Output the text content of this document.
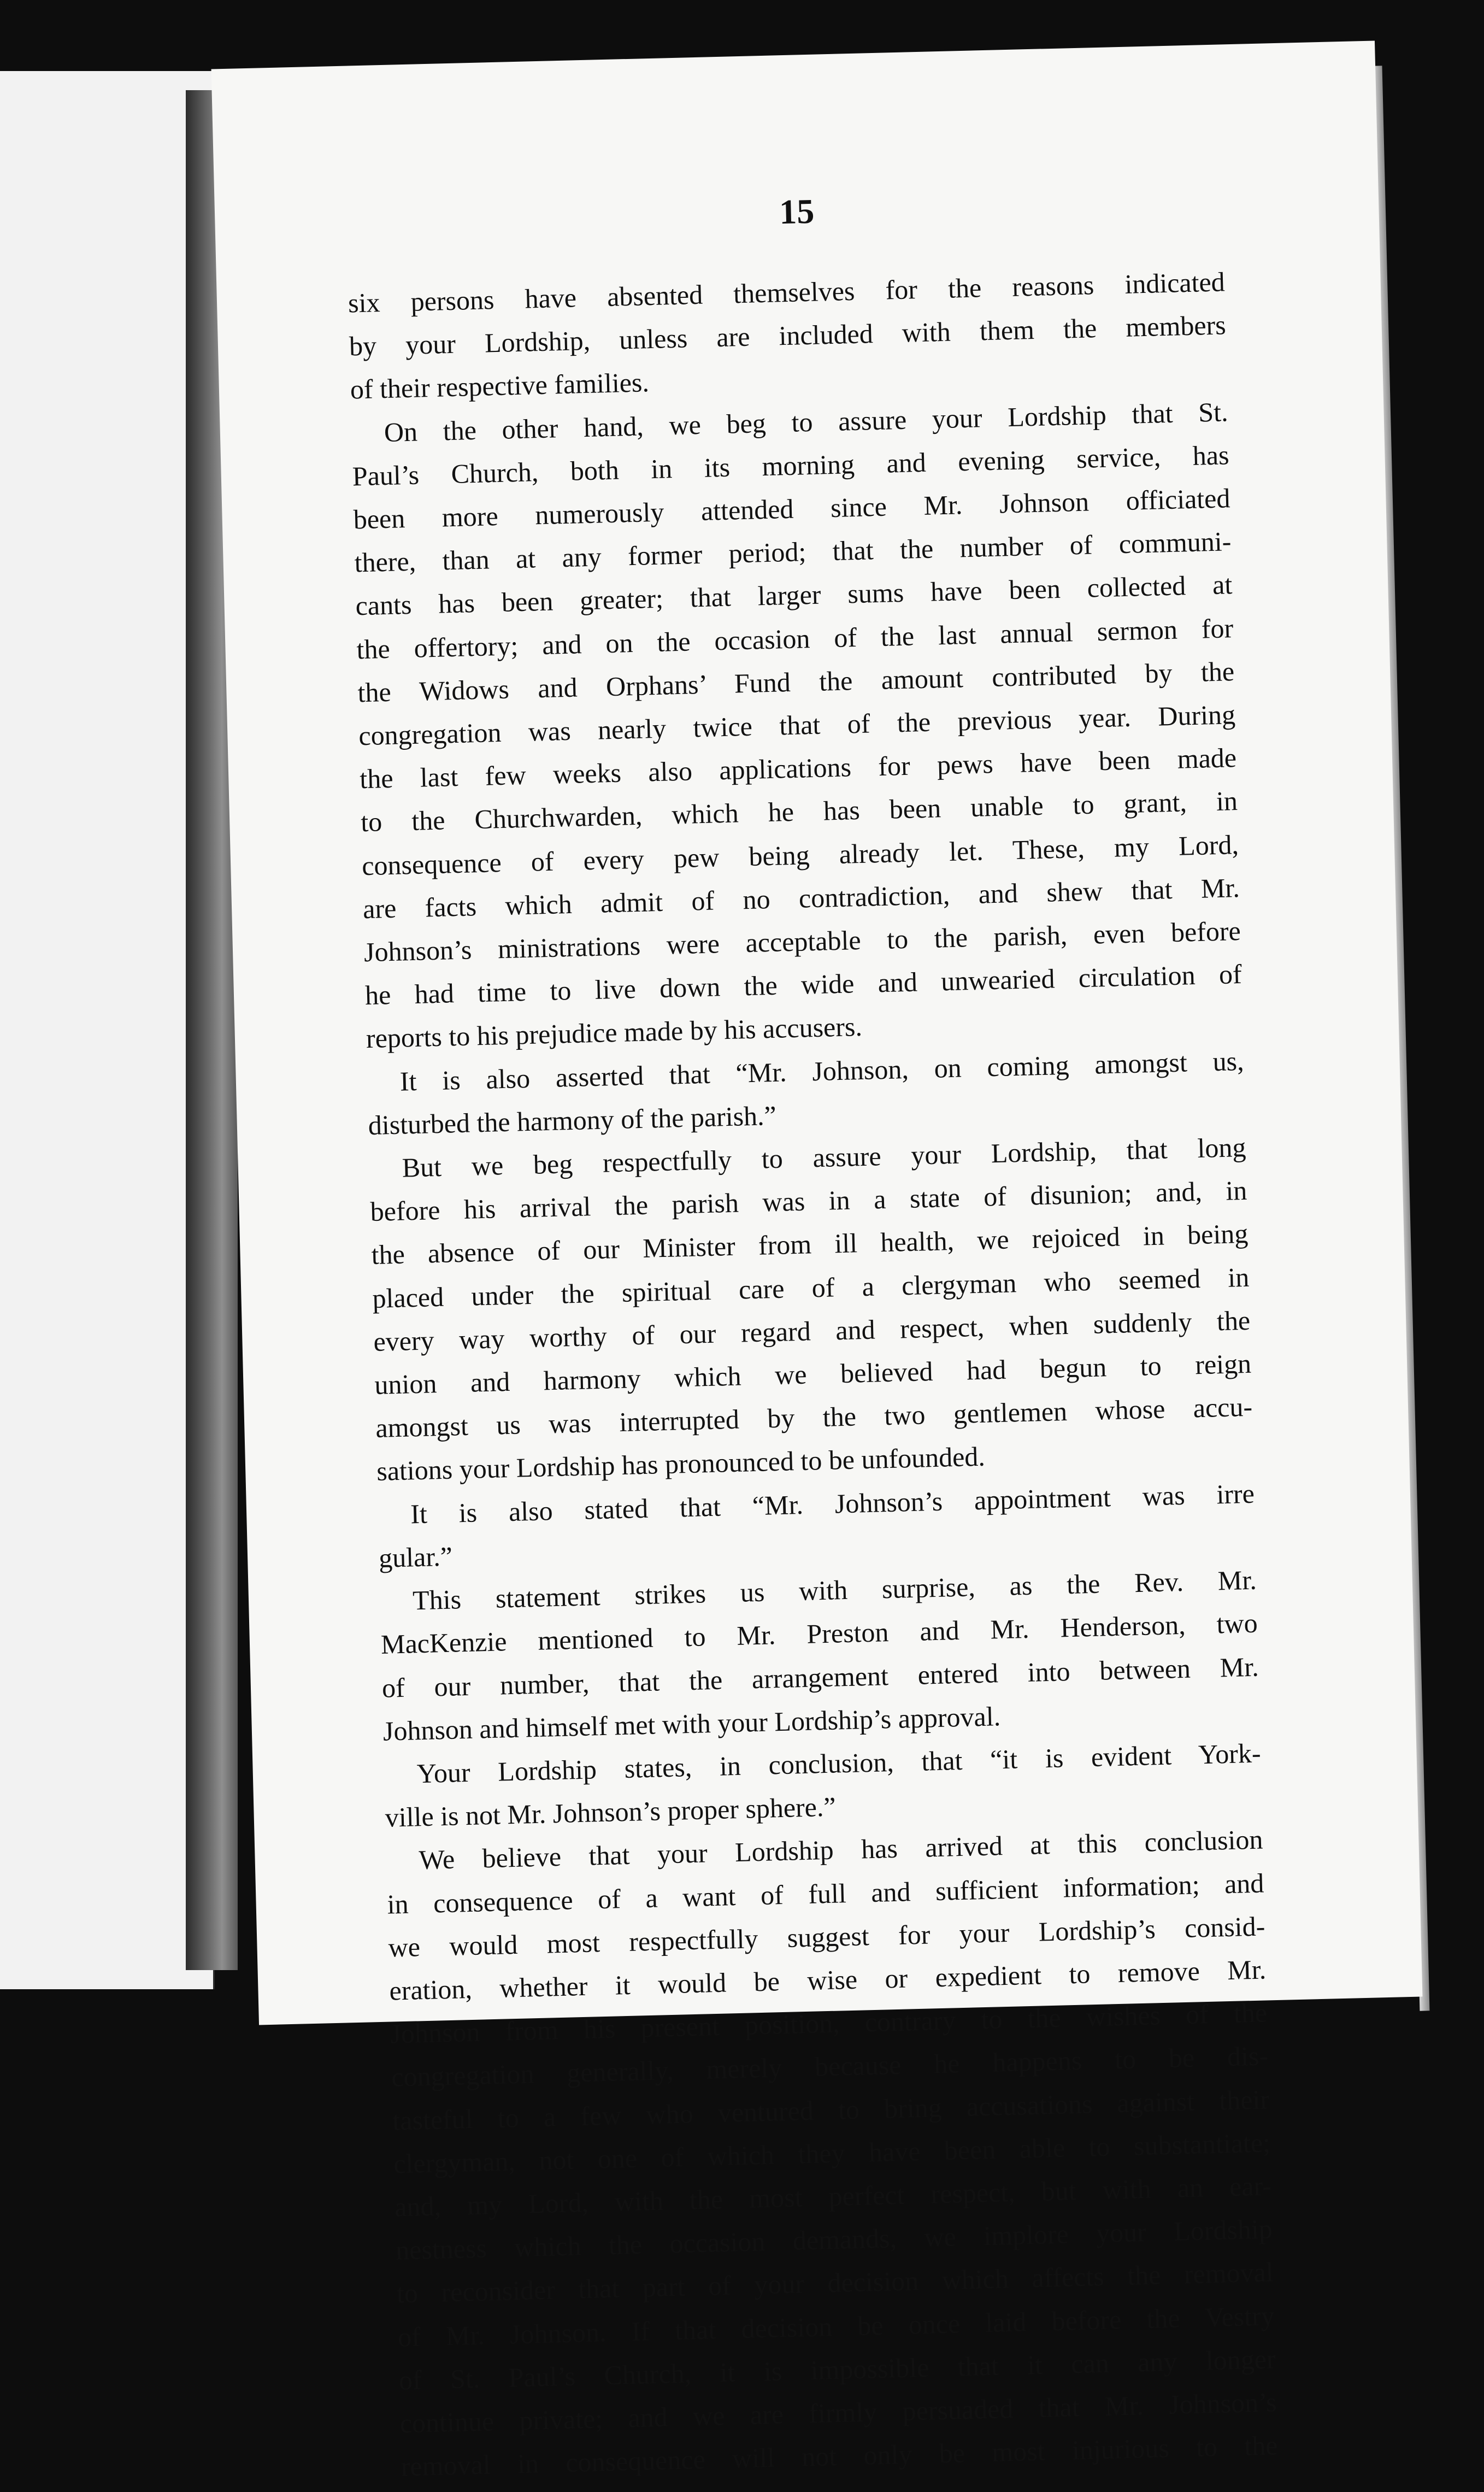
15
six persons have absented themselves for the reasons indicated
by your Lordship, unless are included with them the members
of their respective families.
On the other hand, we beg to assure your Lordship that St.
Paul’s Church, both in its morning and evening service, has
been more numerously attended since Mr. Johnson officiated
there, than at any former period; that the number of communi-
cants has been greater; that larger sums have been collected at
the offertory; and on the occasion of the last annual sermon for
the Widows and Orphans’ Fund the amount contributed by the
congregation was nearly twice that of the previous year. During
the last few weeks also applications for pews have been made
to the Churchwarden, which he has been unable to grant, in
consequence of every pew being already let. These, my Lord,
are facts which admit of no contradiction, and shew that Mr.
Johnson’s ministrations were acceptable to the parish, even before
he had time to live down the wide and unwearied circulation of
reports to his prejudice made by his accusers.
It is also asserted that “Mr. Johnson, on coming amongst us,
disturbed the harmony of the parish.”
But we beg respectfully to assure your Lordship, that long
before his arrival the parish was in a state of disunion; and, in
the absence of our Minister from ill health, we rejoiced in being
placed under the spiritual care of a clergyman who seemed in
every way worthy of our regard and respect, when suddenly the
union and harmony which we believed had begun to reign
amongst us was interrupted by the two gentlemen whose accu-
sations your Lordship has pronounced to be unfounded.
It is also stated that “Mr. Johnson’s appointment was irre
gular.”
This statement strikes us with surprise, as the Rev. Mr.
MacKenzie mentioned to Mr. Preston and Mr. Henderson, two
of our number, that the arrangement entered into between Mr.
Johnson and himself met with your Lordship’s approval.
Your Lordship states, in conclusion, that “it is evident York-
ville is not Mr. Johnson’s proper sphere.”
We believe that your Lordship has arrived at this conclusion
in consequence of a want of full and sufficient information; and
we would most respectfully suggest for your Lordship’s consid-
eration, whether it would be wise or expedient to remove Mr.
Johnson from his present position, contrary to the wishes of the
congregation generally, merely because he happens to be dis-
tasteful to a few who ventured to bring accusations against their
clergyman, not one of which they have been able to substantiate;
and, my Lord, with the most perfect respect, but with an ear-
nestness which the occasion demands, we implore your Lordship
to reconsider that part of your decision which affects the removal
of Mr. Johnson. If that decision be once laid before the Vestry
of St. Paul’s Church, it is impossible that it can any longer
continue private; and we are firmly persuaded that Mr. Johnson’s
removal in consequence will not only be most injurious to the
